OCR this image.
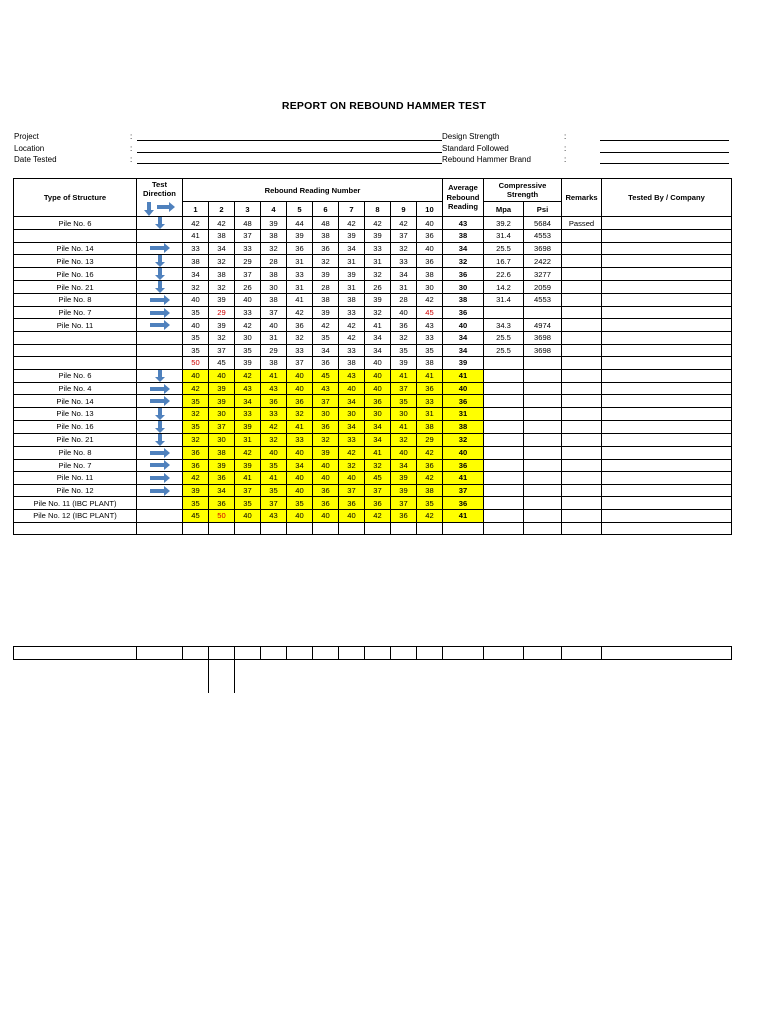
REPORT ON REBOUND HAMMER TEST
Project	:
Location	:
Date Tested	:
Design Strength	:
Standard Followed	:
Rebound Hammer Brand	:
Type of Structure	Test Direction	Rebound Reading Number										Average Rebound Reading	Compressive Strength		Remarks	Tested By / Company
		1	2	3	4	5	6	7	8	9	10		Mpa	Psi		
Pile No. 6		42	42	48	39	44	48	42	42	42	40	43	39.2	5684	Passed	
		41	38	37	38	39	38	39	39	37	36	38	31.4	4553		
Pile No. 14		33	34	33	32	36	36	34	33	32	40	34	25.5	3698		
Pile No. 13		38	32	29	28	31	32	31	31	33	36	32	16.7	2422		
Pile No. 16		34	38	37	38	33	39	39	32	34	38	36	22.6	3277		
Pile No. 21		32	32	26	30	31	28	31	26	31	30	30	14.2	2059		
Pile No. 8		40	39	40	38	41	38	38	39	28	42	38	31.4	4553		
Pile No. 7		35	29	33	37	42	39	33	32	40	45	36				
Pile No. 11		40	39	42	40	36	42	42	41	36	43	40	34.3	4974		
		35	32	30	31	32	35	42	34	32	33	34	25.5	3698		
		35	37	35	29	33	34	33	34	35	35	34	25.5	3698		
		50	45	39	38	37	36	38	40	39	38	39				
Pile No. 6		40	40	42	41	40	45	43	40	41	41	41				
Pile No. 4		42	39	43	43	40	43	40	40	37	36	40				
Pile No. 14		35	39	34	36	36	37	34	36	35	33	36				
Pile No. 13		32	30	33	33	32	30	30	30	30	31	31				
Pile No. 16		35	37	39	42	41	36	34	34	41	38	38				
Pile No. 21		32	30	31	32	33	32	33	34	32	29	32				
Pile No. 8		36	38	42	40	40	39	42	41	40	42	40				
Pile No. 7		36	39	39	35	34	40	32	32	34	36	36				
Pile No. 11		42	36	41	41	40	40	40	45	39	42	41				
Pile No. 12		39	34	37	35	40	36	37	37	39	38	37				
Pile No. 11 (IBC PLANT)		35	36	35	37	35	36	36	36	37	35	36				
Pile No. 12 (IBC PLANT)		45	50	40	43	40	40	40	42	36	42	41				
